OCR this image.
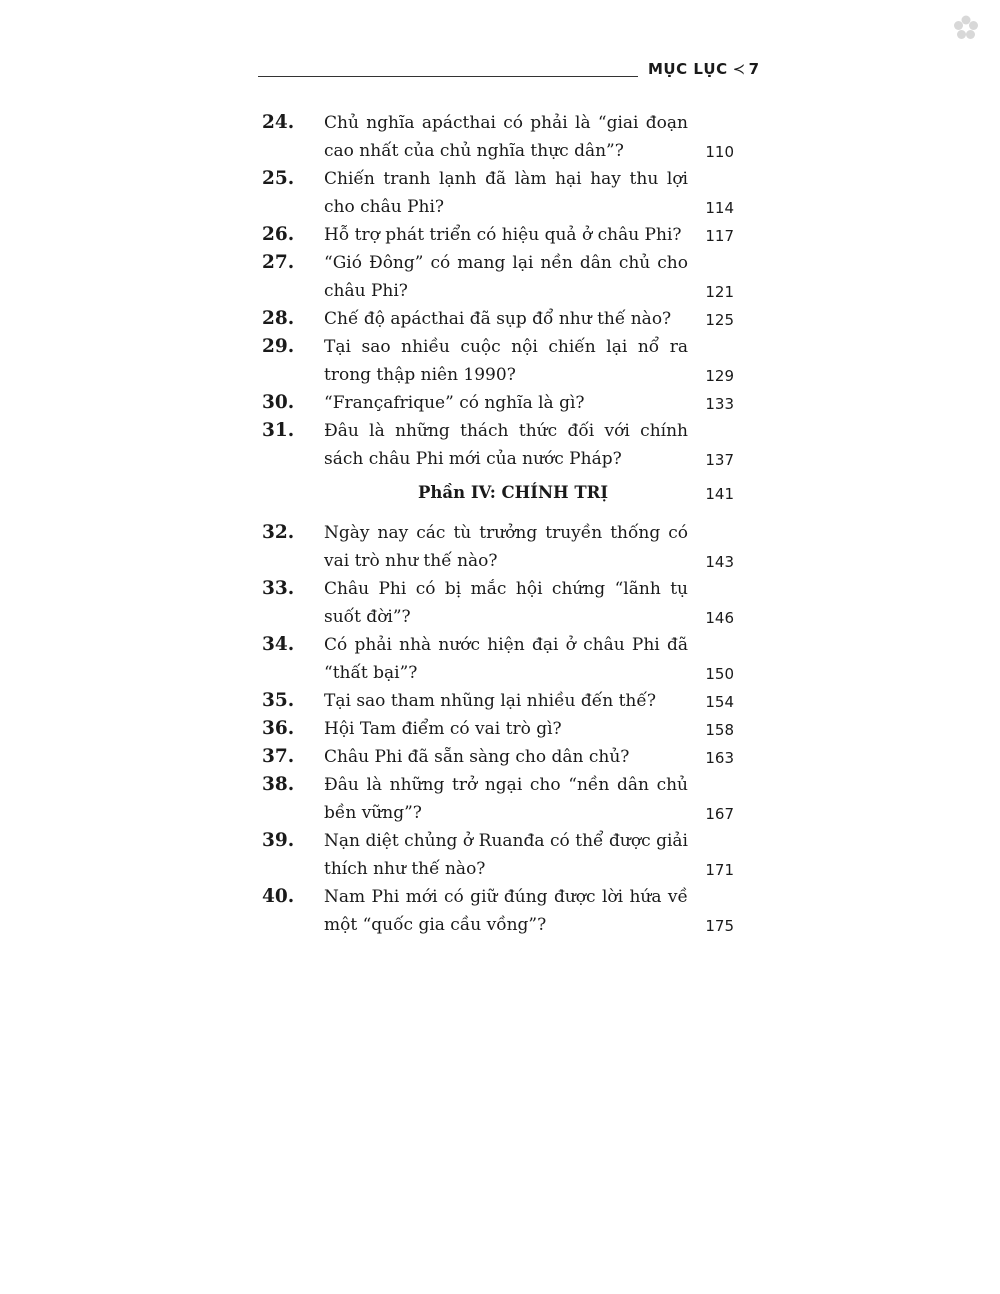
MỤC LỤC ≺ 7
24.	Chủ nghĩa apácthai có phải là “giai đoạn cao nhất của chủ nghĩa thực dân”?	110
25.	Chiến tranh lạnh đã làm hại hay thu lợi cho châu Phi?	114
26.	Hỗ trợ phát triển có hiệu quả ở châu Phi?	117
27.	“Gió Đông” có mang lại nền dân chủ cho châu Phi?	121
28.	Chế độ apácthai đã sụp đổ như thế nào?	125
29.	Tại sao nhiều cuộc nội chiến lại nổ ra trong thập niên 1990?	129
30.	“Françafrique” có nghĩa là gì?	133
31.	Đâu là những thách thức đối với chính sách châu Phi mới của nước Pháp?	137
Phần IV: CHÍNH TRỊ	141
32.	Ngày nay các tù trưởng truyền thống có vai trò như thế nào?	143
33.	Châu Phi có bị mắc hội chứng “lãnh tụ suốt đời”?	146
34.	Có phải nhà nước hiện đại ở châu Phi đã “thất bại”?	150
35.	Tại sao tham nhũng lại nhiều đến thế?	154
36.	Hội Tam điểm có vai trò gì?	158
37.	Châu Phi đã sẵn sàng cho dân chủ?	163
38.	Đâu là những trở ngại cho “nền dân chủ bền vững”?	167
39.	Nạn diệt chủng ở Ruanđa có thể được giải thích như thế nào?	171
40.	Nam Phi mới có giữ đúng được lời hứa về một “quốc gia cầu vồng”?	175
